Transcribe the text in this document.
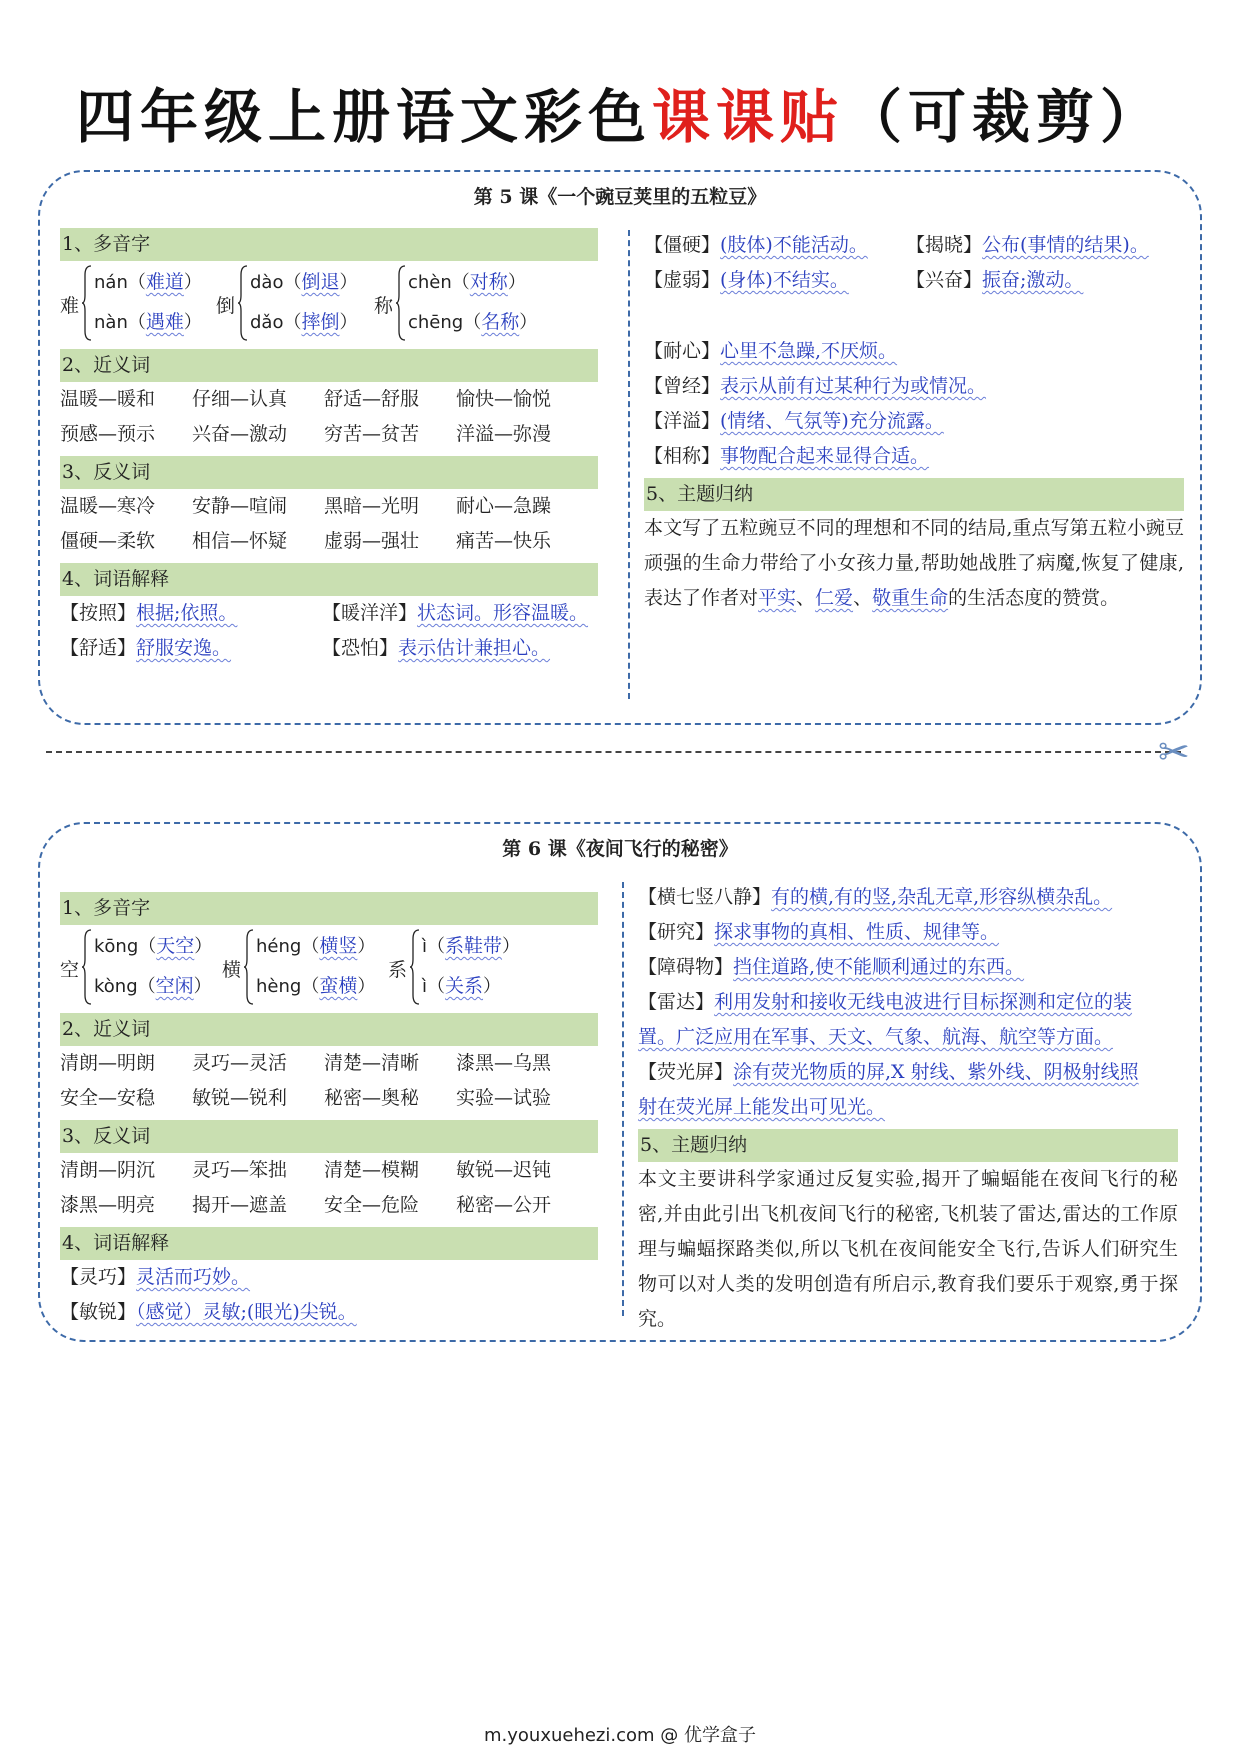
四年级上册语文彩色课课贴（可裁剪）
第 5 课《一个豌豆荚里的五粒豆》
1、多音字
难
nán（难道）
nàn（遇难）
倒
dào（倒退）
dǎo（摔倒）
称
chèn（对称）
chēng（名称）
2、近义词
温暖—暖和 仔细—认真 舒适—舒服 愉快—愉悦
预感—预示 兴奋—激动 穷苦—贫苦 洋溢—弥漫
3、反义词
温暖—寒冷 安静—喧闹 黑暗—光明 耐心—急躁
僵硬—柔软 相信—怀疑 虚弱—强壮 痛苦—快乐
4、词语解释
【按照】根据;依照。	【暖洋洋】状态词。形容温暖。
【舒适】舒服安逸。	【恐怕】表示估计兼担心。
【僵硬】(肢体)不能活动。 【揭晓】公布(事情的结果)。
【虚弱】(身体)不结实。	【兴奋】振奋;激动。
【耐心】心里不急躁,不厌烦。
【曾经】表示从前有过某种行为或情况。
【洋溢】(情绪、气氛等)充分流露。
【相称】事物配合起来显得合适。
5、主题归纳
本文写了五粒豌豆不同的理想和不同的结局,重点写第五粒小豌豆顽强的生命力带给了小女孩力量,帮助她战胜了病魔,恢复了健康,表达了作者对平实、仁爱、敬重生命的生活态度的赞赏。
✂
第 6 课《夜间飞行的秘密》
1、多音字
空
kōng（天空）
kòng（空闲）
横
héng（横竖）
hèng（蛮横）
系
ì（系鞋带）
ì（关系）
2、近义词
清朗—明朗 灵巧—灵活 清楚—清晰 漆黑—乌黑
安全—安稳 敏锐—锐利 秘密—奥秘 实验—试验
3、反义词
清朗—阴沉 灵巧—笨拙 清楚—模糊 敏锐—迟钝
漆黑—明亮 揭开—遮盖 安全—危险 秘密—公开
4、词语解释
【灵巧】灵活而巧妙。
【敏锐】（感觉）灵敏;(眼光)尖锐。
【横七竖八静】有的横,有的竖,杂乱无章,形容纵横杂乱。
【研究】探求事物的真相、性质、规律等。
【障碍物】挡住道路,使不能顺利通过的东西。
【雷达】利用发射和接收无线电波进行目标探测和定位的装
置。广泛应用在军事、天文、气象、航海、航空等方面。
【荧光屏】涂有荧光物质的屏,X 射线、紫外线、阴极射线照
射在荧光屏上能发出可见光。
5、主题归纳
本文主要讲科学家通过反复实验,揭开了蝙蝠能在夜间飞行的秘密,并由此引出飞机夜间飞行的秘密,飞机装了雷达,雷达的工作原理与蝙蝠探路类似,所以飞机在夜间能安全飞行,告诉人们研究生物可以对人类的发明创造有所启示,教育我们要乐于观察,勇于探究。
m.youxuehezi.com @ 优学盒子
